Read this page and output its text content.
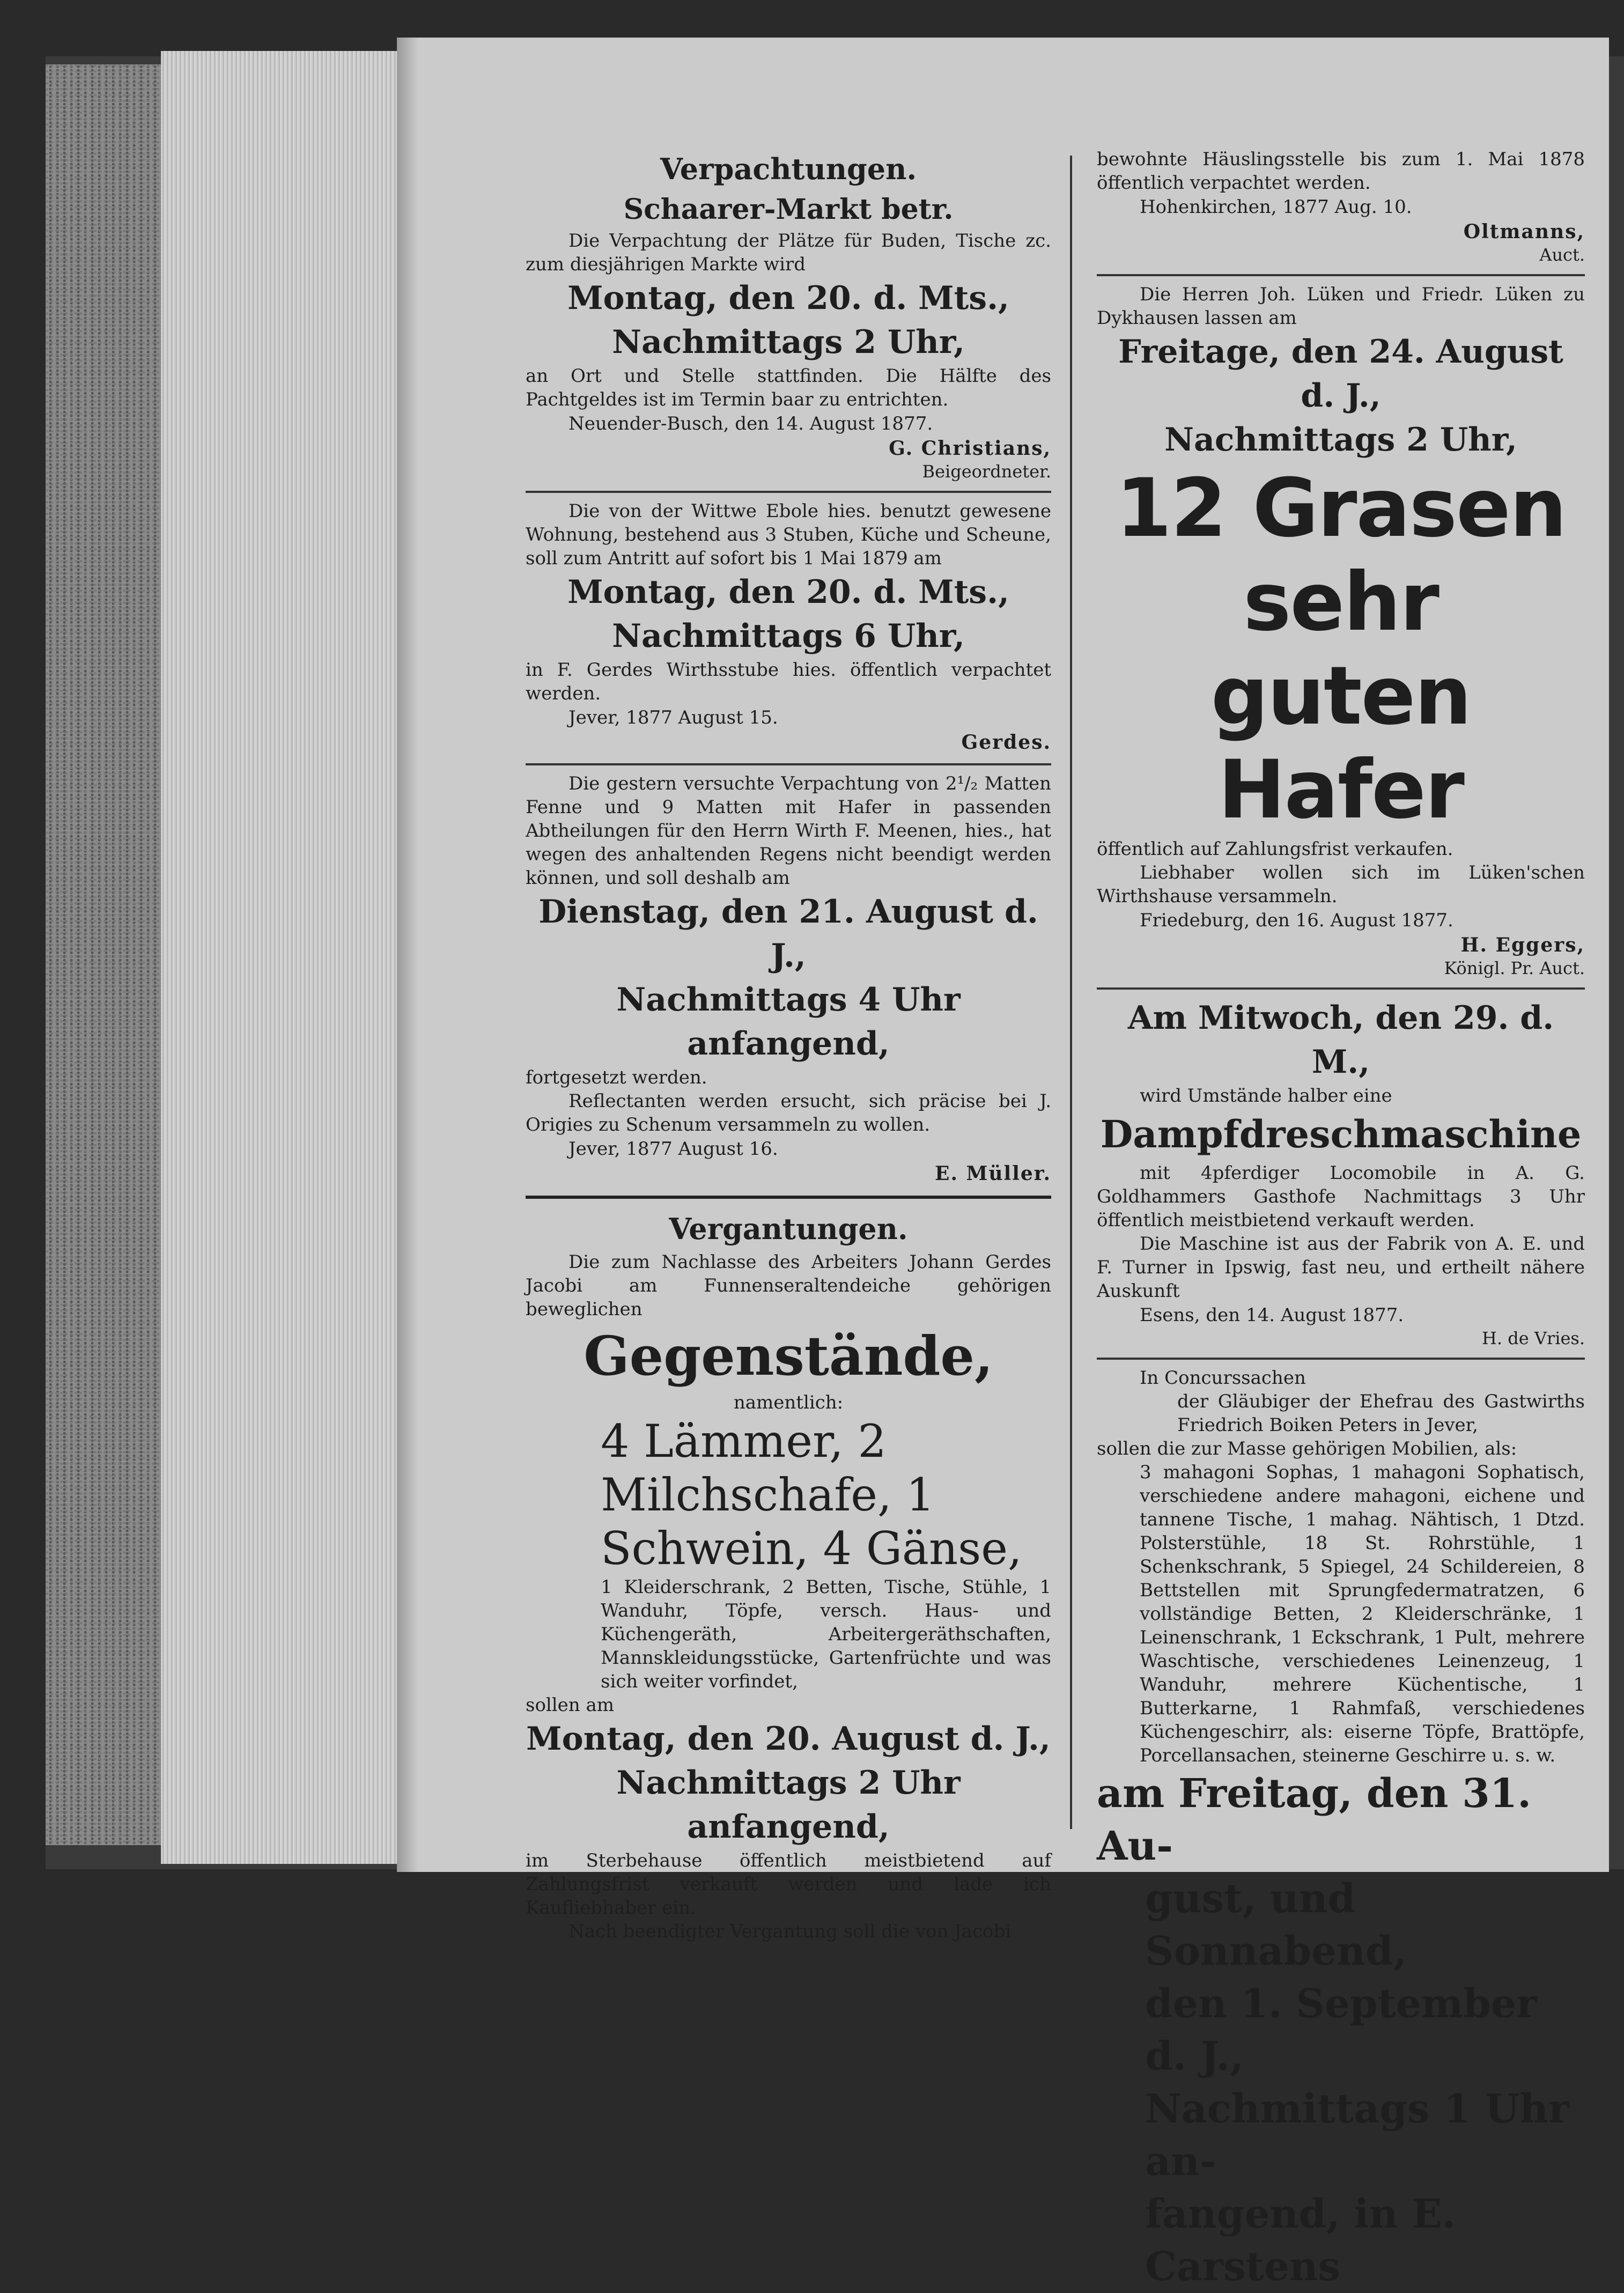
Verpachtungen.

Schaarer-Markt betr.

Die Verpachtung der Plätze für Buden, Tische zc. zum diesjährigen Markte wird

Montag, den 20. d. Mts.,

Nachmittags 2 Uhr,

an Ort und Stelle stattfinden. Die Hälfte des Pachtgeldes ist im Termin baar zu entrichten.

Neuender-Busch, den 14. August 1877.

G. Christians,

Beigeordneter.

Die von der Wittwe Ebole hies. benutzt gewesene Wohnung, bestehend aus 3 Stuben, Küche und Scheune, soll zum Antritt auf sofort bis 1 Mai 1879 am

Montag, den 20. d. Mts.,

Nachmittags 6 Uhr,

in F. Gerdes Wirthsstube hies. öffentlich verpachtet werden.

Jever, 1877 August 15.

Gerdes.

Die gestern versuchte Verpachtung von 2¹/₂ Matten Fenne und 9 Matten mit Hafer in passenden Abtheilungen für den Herrn Wirth F. Meenen, hies., hat wegen des anhaltenden Regens nicht beendigt werden können, und soll deshalb am

Dienstag, den 21. August d. J.,

Nachmittags 4 Uhr anfangend,

fortgesetzt werden.

Reflectanten werden ersucht, sich präcise bei J. Origies zu Schenum versammeln zu wollen.

Jever, 1877 August 16.

E. Müller.

Vergantungen.

Die zum Nachlasse des Arbeiters Johann Gerdes Jacobi am Funnenseraltendeiche gehörigen beweglichen

Gegenstände,

namentlich:

4 Lämmer, 2 Milchschafe, 1 Schwein, 4 Gänse,

1 Kleiderschrank, 2 Betten, Tische, Stühle, 1 Wanduhr, Töpfe, versch. Haus- und Küchengeräth, Arbeitergeräthschaften, Mannskleidungsstücke, Gartenfrüchte und was sich weiter vorfindet,

sollen am

Montag, den 20. August d. J.,

Nachmittags 2 Uhr anfangend,

im Sterbehause öffentlich meistbietend auf Zahlungsfrist verkauft werden und lade ich Kaufliebhaber ein.

Nach beendigter Vergantung soll die von Jacobi

bewohnte Häuslingsstelle bis zum 1. Mai 1878 öffentlich verpachtet werden.

Hohenkirchen, 1877 Aug. 10.

Oltmanns,

Auct.

Die Herren Joh. Lüken und Friedr. Lüken zu Dykhausen lassen am

Freitage, den 24. August d. J.,

Nachmittags 2 Uhr,

12 Grasen sehr

guten Hafer

öffentlich auf Zahlungsfrist verkaufen.

Liebhaber wollen sich im Lüken'schen Wirthshause versammeln.

Friedeburg, den 16. August 1877.

H. Eggers,

Königl. Pr. Auct.

Am Mitwoch, den 29. d. M.,

wird Umstände halber eine

Dampfdreschmaschine

mit 4pferdiger Locomobile in A. G. Goldhammers Gasthofe Nachmittags 3 Uhr öffentlich meistbietend verkauft werden.

Die Maschine ist aus der Fabrik von A. E. und F. Turner in Ipswig, fast neu, und ertheilt nähere Auskunft

Esens, den 14. August 1877.

H. de Vries.

In Concurssachen

der Gläubiger der Ehefrau des Gastwirths Friedrich Boiken Peters in Jever,

sollen die zur Masse gehörigen Mobilien, als:

3 mahagoni Sophas, 1 mahagoni Sophatisch, verschiedene andere mahagoni, eichene und tannene Tische, 1 mahag. Nähtisch, 1 Dtzd. Polsterstühle, 18 St. Rohrstühle, 1 Schenkschrank, 5 Spiegel, 24 Schildereien, 8 Bettstellen mit Sprungfedermatratzen, 6 vollständige Betten, 2 Kleiderschränke, 1 Leinenschrank, 1 Eckschrank, 1 Pult, mehrere Waschtische, verschiedenes Leinenzeug, 1 Wanduhr, mehrere Küchentische, 1 Butterkarne, 1 Rahmfaß, verschiedenes Küchengeschirr, als: eiserne Töpfe, Brattöpfe, Porcellansachen, steinerne Geschirre u. s. w.

am Freitag, den 31. Au-

gust, und Sonnabend,

den 1. September d. J.,

Nachmittags 1 Uhr an-

fangend, in E. Carstens
